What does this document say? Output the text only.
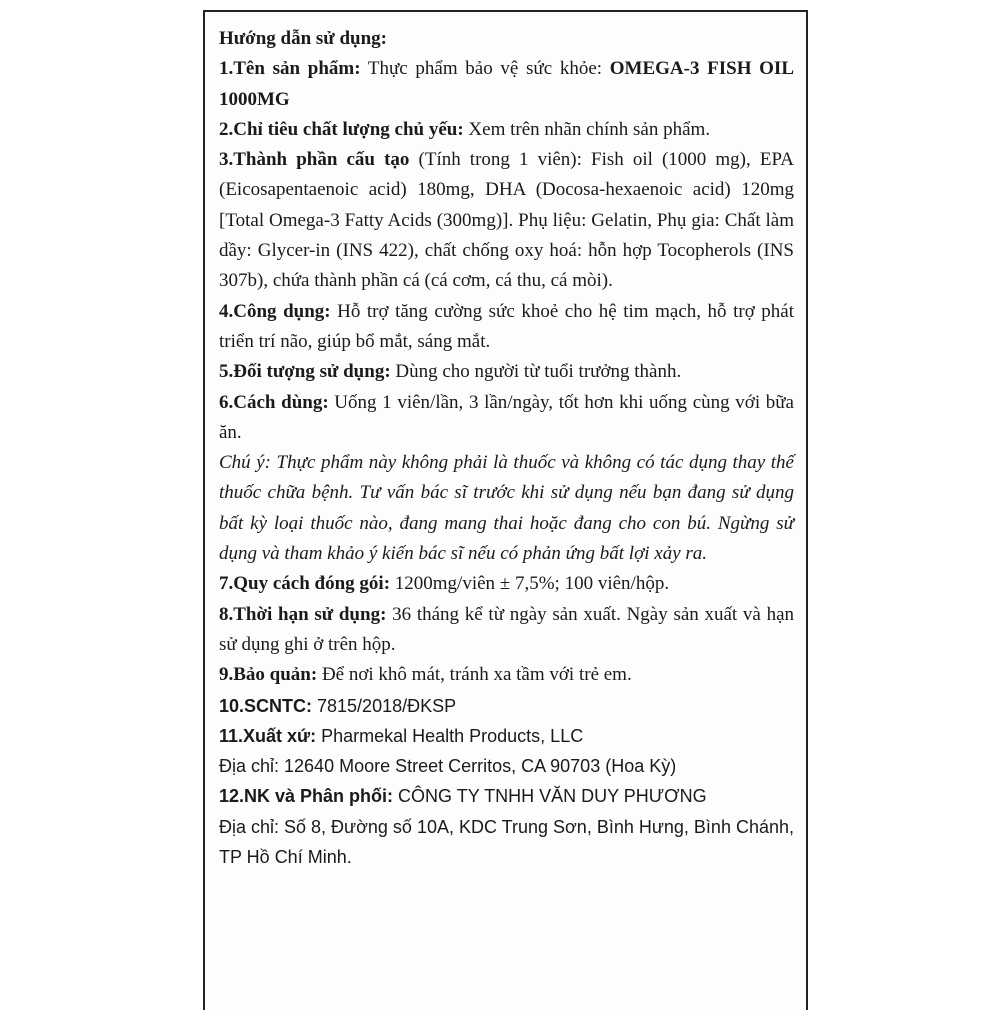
Hướng dẫn sử dụng:

1.Tên sản phẩm: Thực phẩm bảo vệ sức khỏe: OMEGA-3 FISH OIL 1000MG

2.Chỉ tiêu chất lượng chủ yếu: Xem trên nhãn chính sản phẩm.

3.Thành phần cấu tạo (Tính trong 1 viên): Fish oil (1000 mg), EPA (Eicosapentaenoic acid) 180mg, DHA (Docosa-hexaenoic acid) 120mg [Total Omega-3 Fatty Acids (300mg)]. Phụ liệu: Gelatin, Phụ gia: Chất làm dầy: Glycer-in (INS 422), chất chống oxy hoá: hỗn hợp Tocopherols (INS 307b), chứa thành phần cá (cá cơm, cá thu, cá mòi).

4.Công dụng: Hỗ trợ tăng cường sức khoẻ cho hệ tim mạch, hỗ trợ phát triển trí não, giúp bổ mắt, sáng mắt.

5.Đối tượng sử dụng: Dùng cho người từ tuổi trưởng thành.

6.Cách dùng: Uống 1 viên/lần, 3 lần/ngày, tốt hơn khi uống cùng với bữa ăn.

Chú ý: Thực phẩm này không phải là thuốc và không có tác dụng thay thế thuốc chữa bệnh. Tư vấn bác sĩ trước khi sử dụng nếu bạn đang sử dụng bất kỳ loại thuốc nào, đang mang thai hoặc đang cho con bú. Ngừng sử dụng và tham khảo ý kiến bác sĩ nếu có phản ứng bất lợi xảy ra.

7.Quy cách đóng gói: 1200mg/viên ± 7,5%; 100 viên/hộp.

8.Thời hạn sử dụng: 36 tháng kể từ ngày sản xuất. Ngày sản xuất và hạn sử dụng ghi ở trên hộp.

9.Bảo quản: Để nơi khô mát, tránh xa tầm với trẻ em.

10.SCNTC: 7815/2018/ĐKSP

11.Xuất xứ: Pharmekal Health Products, LLC

Địa chỉ: 12640 Moore Street Cerritos, CA 90703 (Hoa Kỳ)

12.NK và Phân phối: CÔNG TY TNHH VĂN DUY PHƯƠNG

Địa chỉ: Số 8, Đường số 10A, KDC Trung Sơn, Bình Hưng, Bình Chánh, TP Hồ Chí Minh.
